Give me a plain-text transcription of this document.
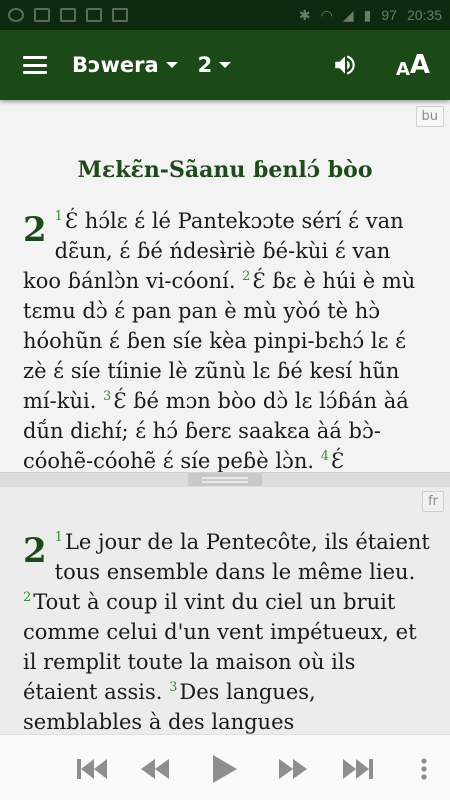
✱ ◠ ◢ ▮ 97 20:35
Bɔwera 2	A A
bu
Mɛkɛ̃n-Sãanu ɓenlɔ́ bòo
2 $^1$Ɛ́ hɔ́lɛ ɛ́ lé Pantekɔɔte sérí ɛ́ van dɛ̃un, ɛ́ ɓé ńdesɨ̀riè ɓé-kùi ɛ́ van koo ɓánlɔ̀n vi-cóoní. $^2$Ɛ́ ɓɛ è húi è mù tɛmu dɔ̀ ɛ́ pan pan è mù yòó tè hɔ̀ hóohũn ɛ́ ɓen síe kèa pinpi-bɛhɔ́ lɛ ɛ́ zè ɛ́ síe tíinie lè zũnù lɛ ɓé kesí hũn mí-kùi. $^3$Ɛ́ ɓé mɔn bòo dɔ̀ lɛ lɔ́ɓán àá dṹn diɛhɪ́; ɛ́ hɔ́ ɓerɛ saakɛa àá bɔ̀-cóohẽ-cóohẽ ɛ́ síe peɓè lɔ̀n. $^4$Ɛ́
fr
2 $^1$Le jour de la Pentecôte, ils étaient tous ensemble dans le même lieu. $^2$Tout à coup il vint du ciel un bruit comme celui d'un vent impétueux, et il remplit toute la maison où ils étaient assis. $^3$Des langues, semblables à des langues
